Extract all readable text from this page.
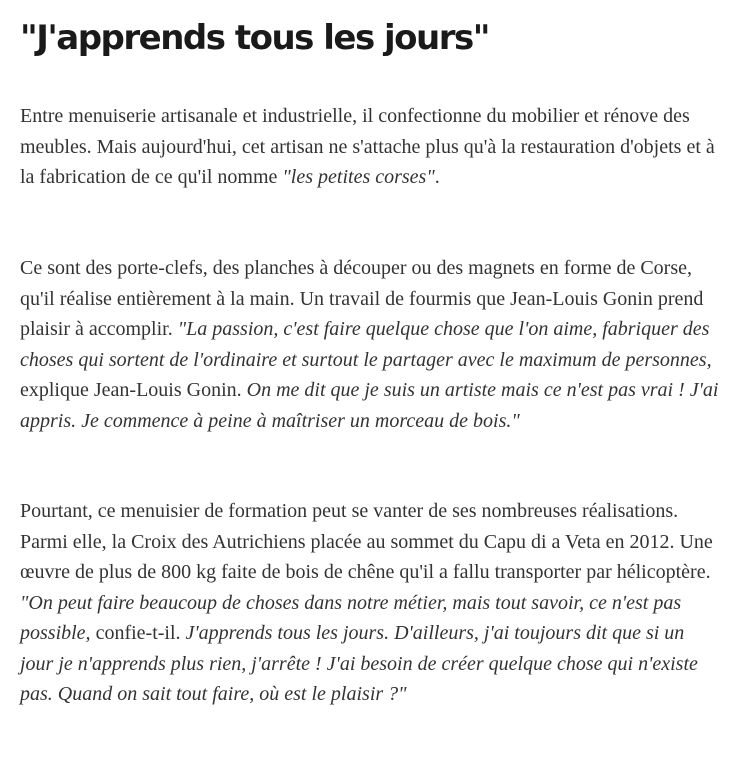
"J'apprends tous les jours"

Entre menuiserie artisanale et industrielle, il confectionne du mobilier et rénove des meubles. Mais aujourd'hui, cet artisan ne s'attache plus qu'à la restauration d'objets et à la fabrication de ce qu'il nomme "les petites corses".

Ce sont des porte-clefs, des planches à découper ou des magnets en forme de Corse, qu'il réalise entièrement à la main. Un travail de fourmis que Jean-Louis Gonin prend plaisir à accomplir. "La passion, c'est faire quelque chose que l'on aime, fabriquer des choses qui sortent de l'ordinaire et surtout le partager avec le maximum de personnes, explique Jean-Louis Gonin. On me dit que je suis un artiste mais ce n'est pas vrai ! J'ai appris. Je commence à peine à maîtriser un morceau de bois."

Pourtant, ce menuisier de formation peut se vanter de ses nombreuses réalisations. Parmi elle, la Croix des Autrichiens placée au sommet du Capu di a Veta en 2012. Une œuvre de plus de 800 kg faite de bois de chêne qu'il a fallu transporter par hélicoptère. "On peut faire beaucoup de choses dans notre métier, mais tout savoir, ce n'est pas possible, confie-t-il. J'apprends tous les jours. D'ailleurs, j'ai toujours dit que si un jour je n'apprends plus rien, j'arrête ! J'ai besoin de créer quelque chose qui n'existe pas. Quand on sait tout faire, où est le plaisir ?"
